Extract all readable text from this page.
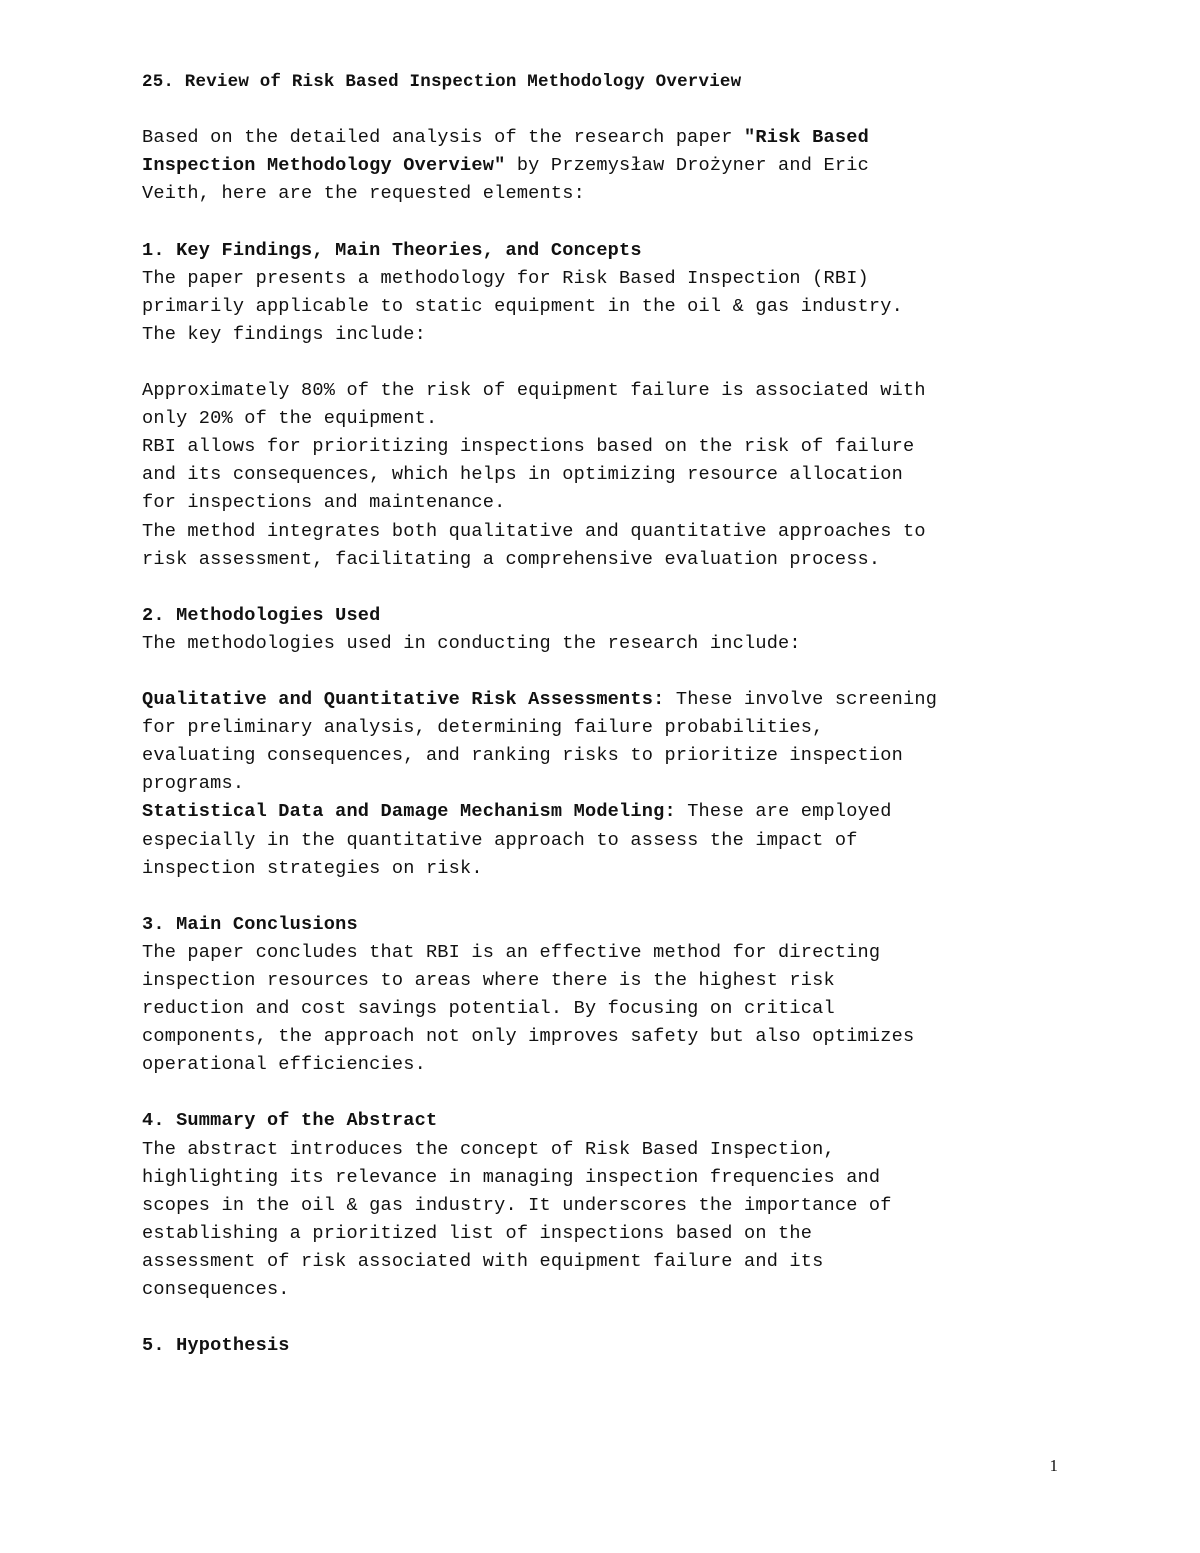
25. Review of Risk Based Inspection Methodology Overview
Based on the detailed analysis of the research paper "Risk Based
Inspection Methodology Overview" by Przemysław Drożyner and Eric
Veith, here are the requested elements:
1. Key Findings, Main Theories, and Concepts
The paper presents a methodology for Risk Based Inspection (RBI)
primarily applicable to static equipment in the oil & gas industry.
The key findings include:
Approximately 80% of the risk of equipment failure is associated with
only 20% of the equipment.
RBI allows for prioritizing inspections based on the risk of failure
and its consequences, which helps in optimizing resource allocation
for inspections and maintenance.
The method integrates both qualitative and quantitative approaches to
risk assessment, facilitating a comprehensive evaluation process.
2. Methodologies Used
The methodologies used in conducting the research include:
Qualitative and Quantitative Risk Assessments: These involve screening
for preliminary analysis, determining failure probabilities,
evaluating consequences, and ranking risks to prioritize inspection
programs.
Statistical Data and Damage Mechanism Modeling: These are employed
especially in the quantitative approach to assess the impact of
inspection strategies on risk.
3. Main Conclusions
The paper concludes that RBI is an effective method for directing
inspection resources to areas where there is the highest risk
reduction and cost savings potential. By focusing on critical
components, the approach not only improves safety but also optimizes
operational efficiencies.
4. Summary of the Abstract
The abstract introduces the concept of Risk Based Inspection,
highlighting its relevance in managing inspection frequencies and
scopes in the oil & gas industry. It underscores the importance of
establishing a prioritized list of inspections based on the
assessment of risk associated with equipment failure and its
consequences.
5. Hypothesis
1
